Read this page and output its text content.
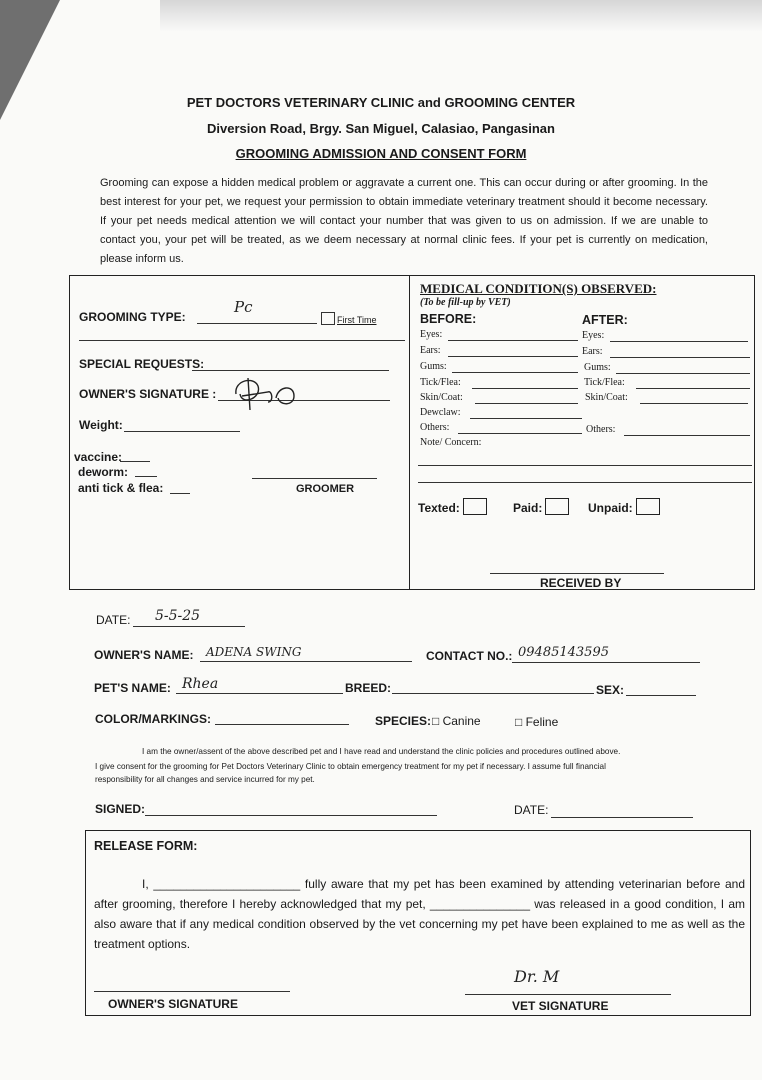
PET DOCTORS VETERINARY CLINIC and GROOMING CENTER
Diversion Road, Brgy. San Miguel, Calasiao, Pangasinan
GROOMING ADMISSION AND CONSENT FORM
Grooming can expose a hidden medical problem or aggravate a current one. This can occur during or after grooming. In the best interest for your pet, we request your permission to obtain immediate veterinary treatment should it become necessary. If your pet needs medical attention we will contact your number that was given to us on admission. If we are unable to contact you, your pet will be treated, as we deem necessary at normal clinic fees. If your pet is currently on medication, please inform us.
GROOMING TYPE:
Pc
First Time
SPECIAL REQUESTS:
OWNER'S SIGNATURE :
Weight:
vaccine:
deworm:
anti tick & flea:	GROOMER
MEDICAL CONDITION(S) OBSERVED:
(To be fill-up by VET)
BEFORE:	AFTER:
Eyes:
Ears:
Gums:
Tick/Flea:
Skin/Coat:
Dewclaw:
Others:
Eyes:
Ears:
Gums:
Tick/Flea:
Skin/Coat:
Others:
Note/ Concern:
Texted:	Paid:	Unpaid:
RECEIVED BY
DATE: 5-5-25
OWNER'S NAME: ADENA SWING	CONTACT NO.: 09485143595
PET'S NAME: Rhea	BREED:	SEX:
COLOR/MARKINGS:	SPECIES: □ Canine	□ Feline
I am the owner/assent of the above described pet and I have read and understand the clinic policies and procedures outlined above.
I give consent for the grooming for Pet Doctors Veterinary Clinic to obtain emergency treatment for my pet if necessary. I assume full financial
responsibility for all changes and service incurred for my pet.
SIGNED:	DATE:
RELEASE FORM:
I, ______________________ fully aware that my pet has been examined by attending veterinarian before and after grooming, therefore I hereby acknowledged that my pet, _______________ was released in a good condition, I am also aware that if any medical condition observed by the vet concerning my pet have been explained to me as well as the treatment options.
OWNER'S SIGNATURE
Dr. M
VET SIGNATURE
